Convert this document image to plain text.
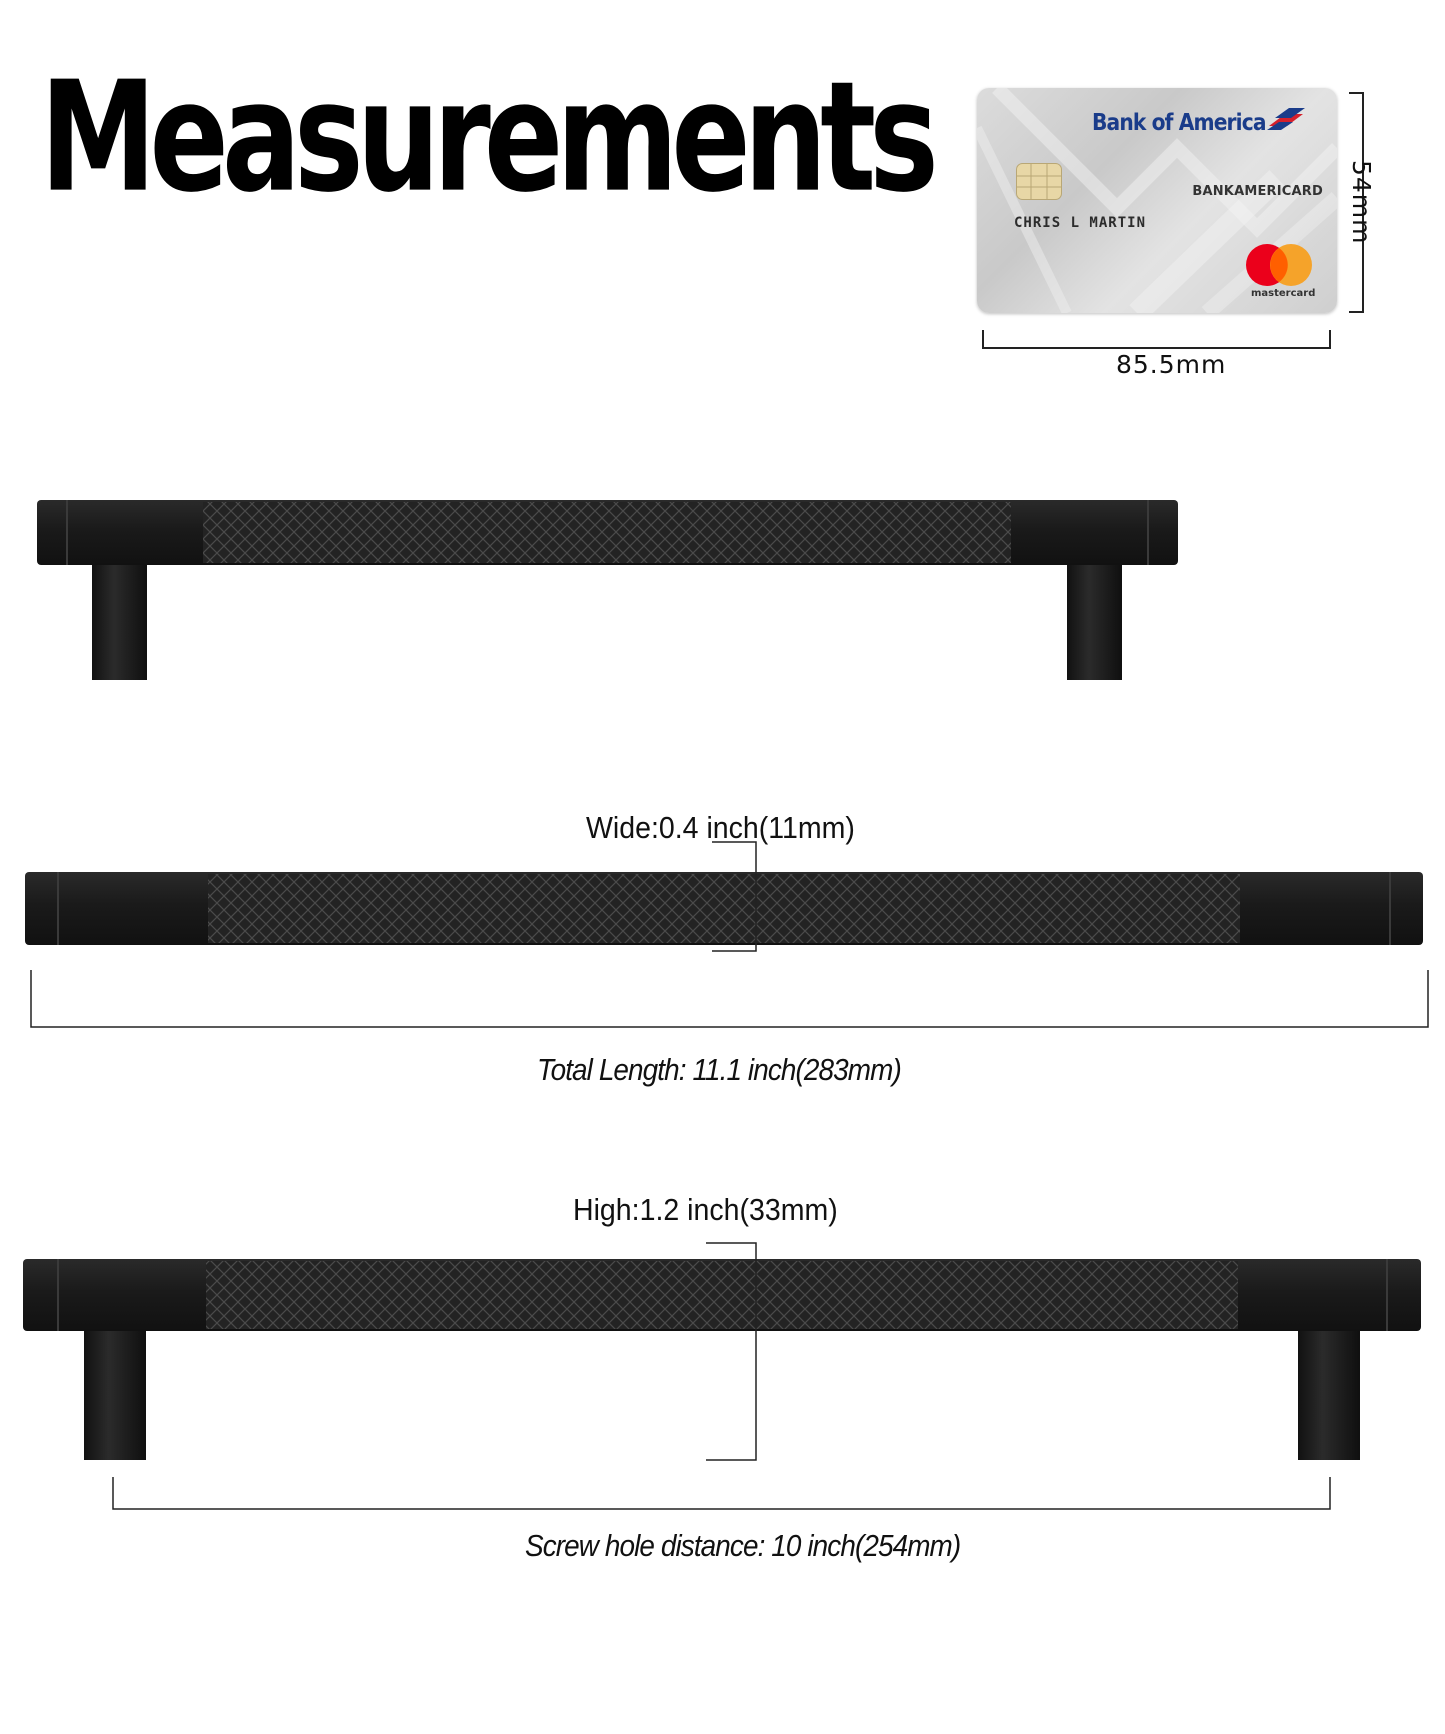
Measurements	Bank of America
CHRIS L MARTIN
BANKAMERICARD
mastercard
85.5mm
54mm
Wide:0.4 inch(11mm)
Total Length: 11.1 inch(283mm)
High:1.2 inch(33mm)
Screw hole distance: 10 inch(254mm)
